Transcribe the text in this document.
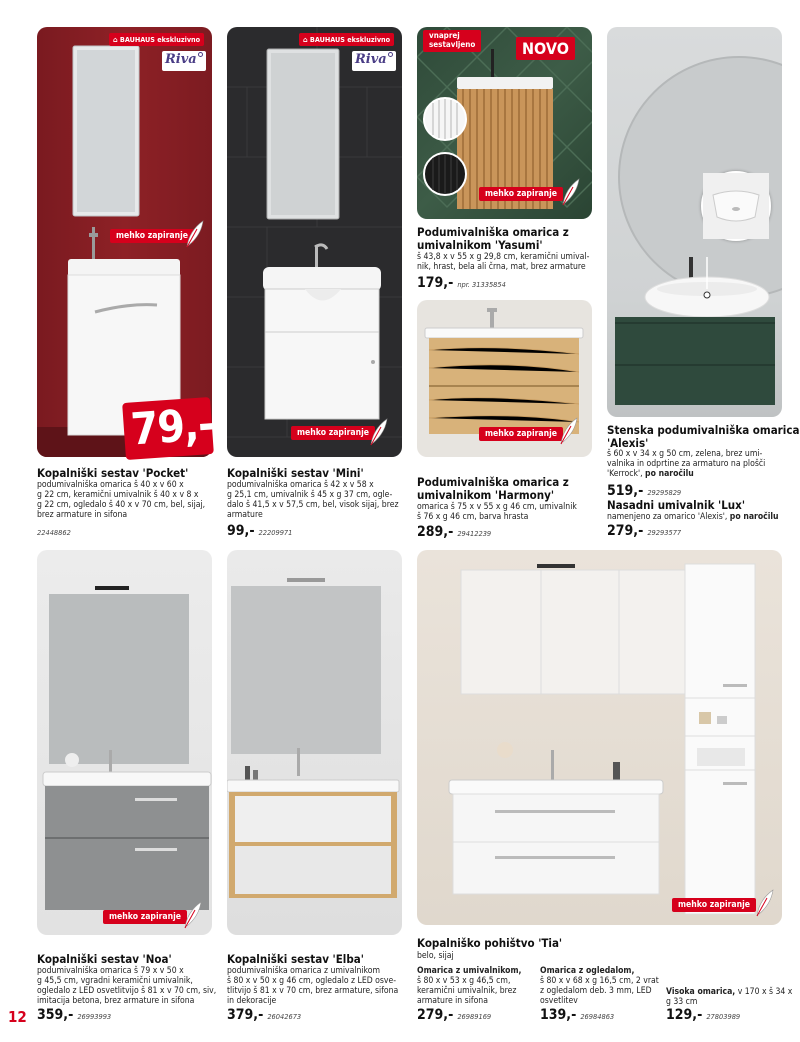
⌂ BAUHAUS ekskluzivno
Riva
mehko zapiranje
79,-
Kopalniški sestav 'Pocket'
podumivalniška omarica š 40 x v 60 x
g 22 cm, keramični umivalnik š 40 x v 8 x
g 22 cm, ogledalo š 40 x v 70 cm, bel, sijaj,
brez armature in sifona
22448862
⌂ BAUHAUS ekskluzivno
Riva
mehko zapiranje
Kopalniški sestav 'Mini'
podumivalniška omarica š 42 x v 58 x
g 25,1 cm, umivalnik š 45 x g 37 cm, ogle-
dalo š 41,5 x v 57,5 cm, bel, visok sijaj, brez
armature
99,- 22209971
vnaprej
sestavljeno	NOVO
mehko zapiranje
Podumivalniška omarica z
umivalnikom 'Yasumi'
š 43,8 x v 55 x g 29,8 cm, keramični umival-
nik, hrast, bela ali črna, mat, brez armature
179,- npr. 31335854
mehko zapiranje
Podumivalniška omarica z
umivalnikom 'Harmony'
omarica š 75 x v 55 x g 46 cm, umivalnik
š 76 x g 46 cm, barva hrasta
289,- 29412239
Stenska podumivalniška omarica
'Alexis'
š 60 x v 34 x g 50 cm, zelena, brez umi-
valnika in odprtine za armaturo na plošči
'Kerrock', po naročilu
519,- 29295829
Nasadni umivalnik 'Lux'
namenjeno za omarico 'Alexis', po naročilu
279,- 29293577
mehko zapiranje
Kopalniški sestav 'Noa'
podumivalniška omarica š 79 x v 50 x
g 45,5 cm, vgradni keramični umivalnik,
ogledalo z LED osvetlitvijo š 81 x v 70 cm, siv,
imitacija betona, brez armature in sifona
359,- 26993993
Kopalniški sestav 'Elba'
podumivalniška omarica z umivalnikom
š 80 x v 50 x g 46 cm, ogledalo z LED osve-
tlitvijo š 81 x v 70 cm, brez armature, sifona
in dekoracije
379,- 26042673
mehko zapiranje
Kopalniško pohištvo 'Tia'
belo, sijaj
Omarica z umivalnikom,
š 80 x v 53 x g 46,5 cm,
keramični umivalnik, brez
armature in sifona
279,- 26989169
Omarica z ogledalom,
š 80 x v 68 x g 16,5 cm, 2 vrat
z ogledalom deb. 3 mm, LED
osvetlitev
139,- 26984863
Visoka omarica, v 170 x š 34 x
g 33 cm
129,- 27803989
12
